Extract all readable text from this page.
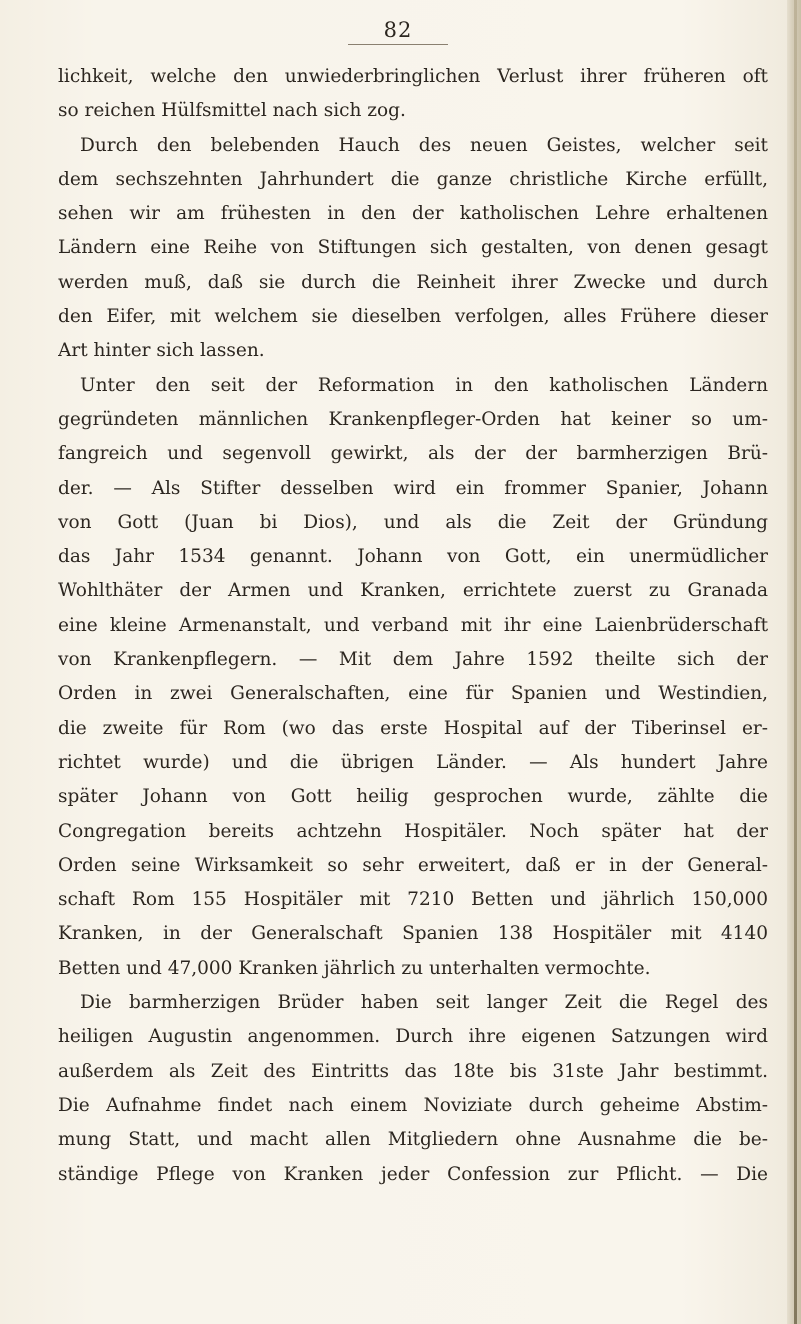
82
lichkeit, welche den unwiederbringlichen Verlust ihrer früheren oft
so reichen Hülfsmittel nach sich zog.
Durch den belebenden Hauch des neuen Geistes, welcher seit
dem sechszehnten Jahrhundert die ganze christliche Kirche erfüllt,
sehen wir am frühesten in den der katholischen Lehre erhaltenen
Ländern eine Reihe von Stiftungen sich gestalten, von denen gesagt
werden muß, daß sie durch die Reinheit ihrer Zwecke und durch
den Eifer, mit welchem sie dieselben verfolgen, alles Frühere dieser
Art hinter sich lassen.
Unter den seit der Reformation in den katholischen Ländern
gegründeten männlichen Krankenpfleger-Orden hat keiner so um-
fangreich und segenvoll gewirkt, als der der barmherzigen Brü-
der. — Als Stifter desselben wird ein frommer Spanier, Johann
von Gott (Juan bi Dios), und als die Zeit der Gründung
das Jahr 1534 genannt. Johann von Gott, ein unermüdlicher
Wohlthäter der Armen und Kranken, errichtete zuerst zu Granada
eine kleine Armenanstalt, und verband mit ihr eine Laienbrüderschaft
von Krankenpflegern. — Mit dem Jahre 1592 theilte sich der
Orden in zwei Generalschaften, eine für Spanien und Westindien,
die zweite für Rom (wo das erste Hospital auf der Tiberinsel er-
richtet wurde) und die übrigen Länder. — Als hundert Jahre
später Johann von Gott heilig gesprochen wurde, zählte die
Congregation bereits achtzehn Hospitäler. Noch später hat der
Orden seine Wirksamkeit so sehr erweitert, daß er in der General-
schaft Rom 155 Hospitäler mit 7210 Betten und jährlich 150,000
Kranken, in der Generalschaft Spanien 138 Hospitäler mit 4140
Betten und 47,000 Kranken jährlich zu unterhalten vermochte.
Die barmherzigen Brüder haben seit langer Zeit die Regel des
heiligen Augustin angenommen. Durch ihre eigenen Satzungen wird
außerdem als Zeit des Eintritts das 18te bis 31ste Jahr bestimmt.
Die Aufnahme findet nach einem Noviziate durch geheime Abstim-
mung Statt, und macht allen Mitgliedern ohne Ausnahme die be-
ständige Pflege von Kranken jeder Confession zur Pflicht. — Die
